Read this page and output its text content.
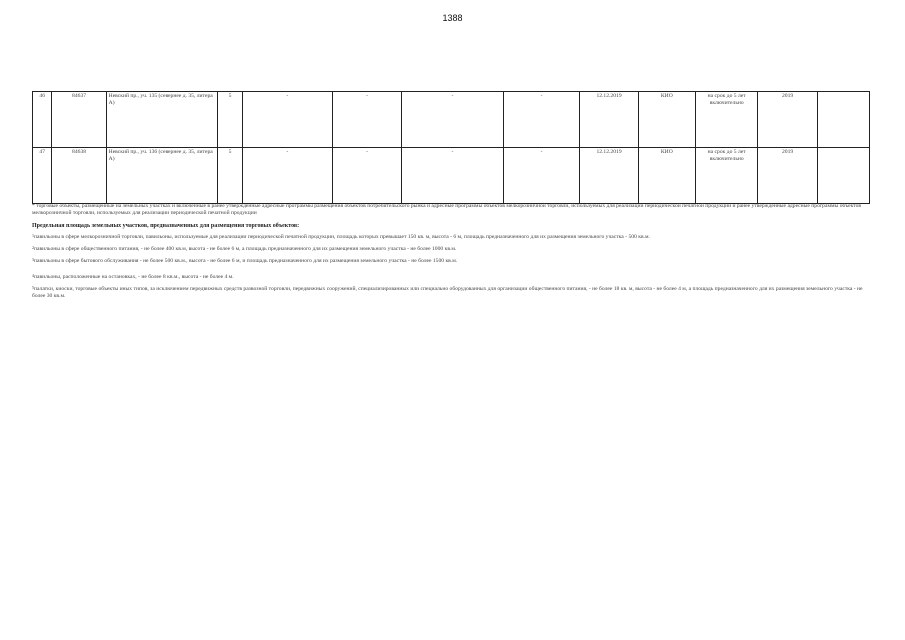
1388
46	84637	Невский пр., уч. 135 (севернее д. 35, литера А)	5	-	-	-	-	12.12.2019	КИО	на срок до 5 лет включительно	2019	
47	84638	Невский пр., уч. 136 (севернее д. 35, литера А)	5	-	-	-	-	12.12.2019	КИО	на срок до 5 лет включительно	2019	

* торговые объекты, размещенные на земельных участках и включенные в ранее утвержденные адресные программы размещения объектов потребительского рынка и адресные программы объектов мелкорозничной торговли, используемых для реализации периодической печатной продукции и ранее утвержденные адресные программы объектов мелкорозничной торговли, используемых для реализации периодической печатной продукции

Предельная площадь земельных участков, предназначенных для размещения торговых объектов:

$^1$павильоны в сфере мелкорозничной торговли, павильоны, используемые для реализации периодической печатной продукции, площадь которых превышает 150 кв. м, высота - 6 м, площадь предназначенного для их размещения земельного участка - 500 кв.м.

$^2$павильоны в сфере общественного питания, - не более 400 кв.м, высота - не более 6 м, а площадь предназначенного для их размещения земельного участка - не более 1000 кв.м.

$^3$павильоны в сфере бытового обслуживания - не более 500 кв.м., высота - не более 6 м, и площадь предназначенного для их размещения земельного участка - не более 1500 кв.м.

$^4$павильоны, расположенные на остановках, - не более 8 кв.м., высота - не более 4 м.

$^5$палатки, киоски, торговые объекты иных типов, за исключением передвижных средств развозной торговли, передвижных сооружений, специализированных или специально оборудованных для организации общественного питания, - не более 18 кв. м, высота - не более 4 м, а площадь предназначенного для их размещения земельного участка - не более 30 кв.м.
